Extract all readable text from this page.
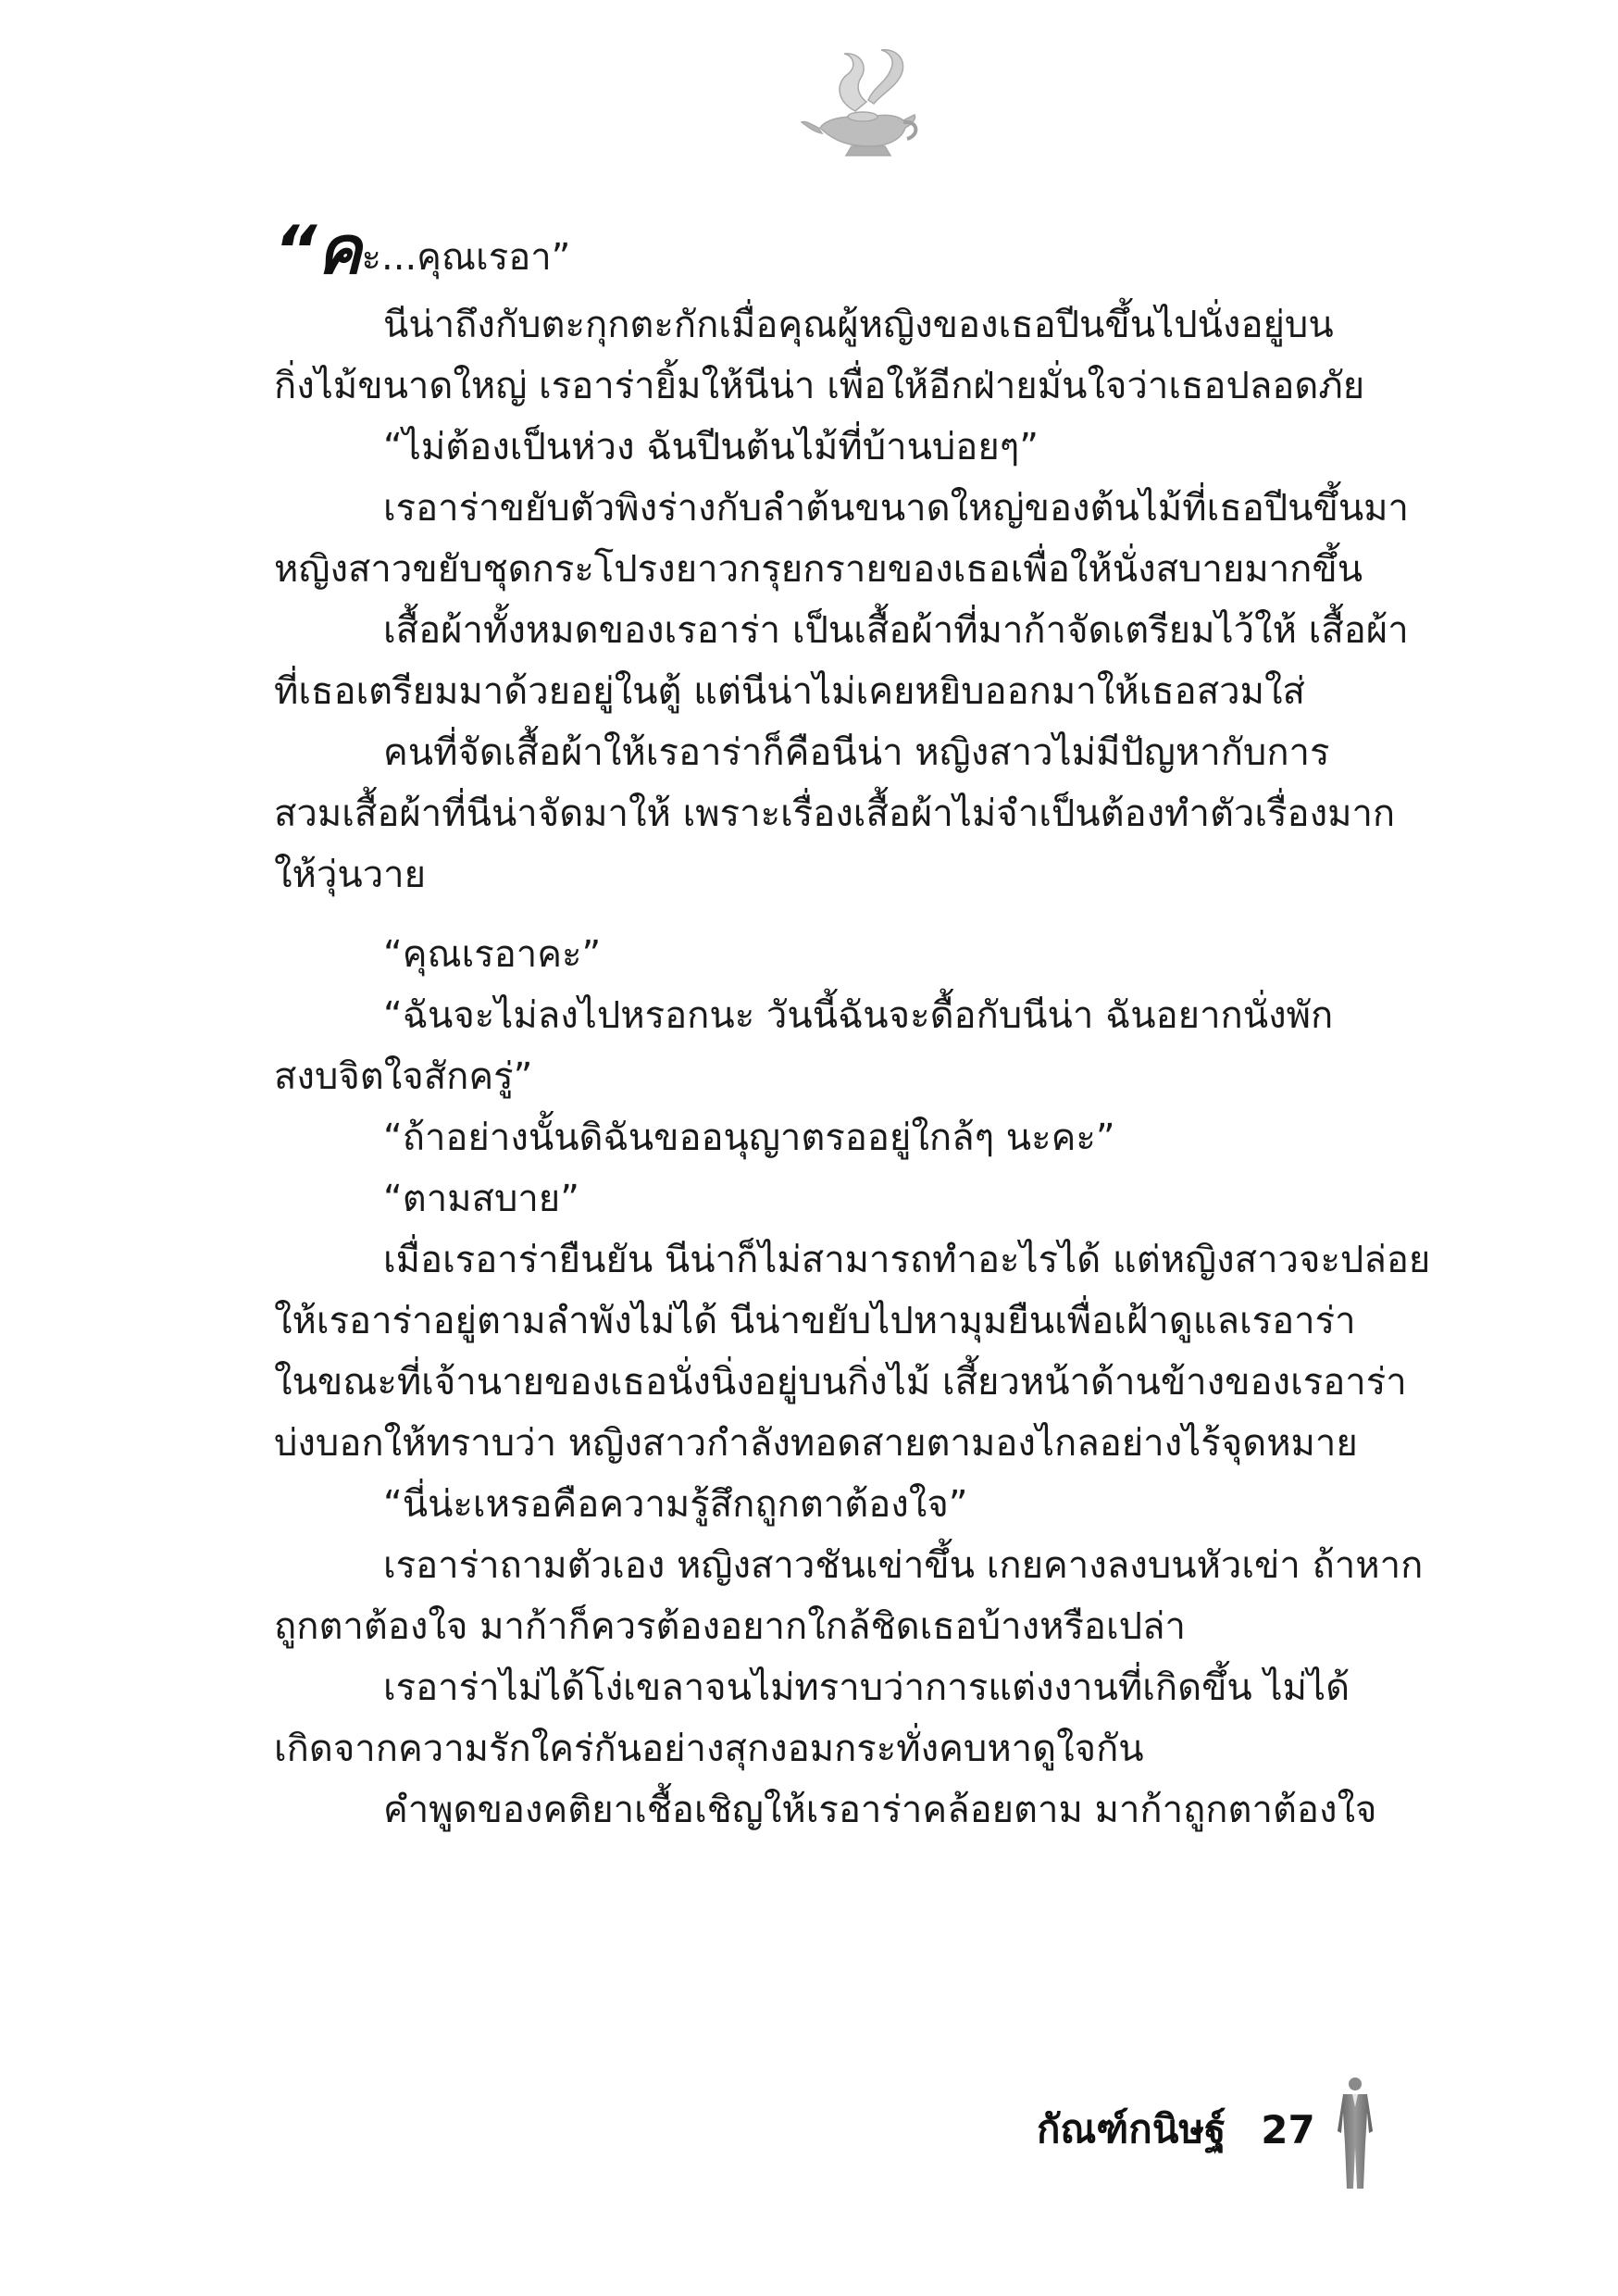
“คะ...คุณเรอา”

นีน่าถึงกับตะกุกตะกักเมื่อคุณผู้หญิงของเธอปีนขึ้นไปนั่งอยู่บน

กิ่งไม้ขนาดใหญ่ เรอาร่ายิ้มให้นีน่า เพื่อให้อีกฝ่ายมั่นใจว่าเธอปลอดภัย

“ไม่ต้องเป็นห่วง ฉันปีนต้นไม้ที่บ้านบ่อยๆ”

เรอาร่าขยับตัวพิงร่างกับลำต้นขนาดใหญ่ของต้นไม้ที่เธอปีนขึ้นมา

หญิงสาวขยับชุดกระโปรงยาวกรุยกรายของเธอเพื่อให้นั่งสบายมากขึ้น

เสื้อผ้าทั้งหมดของเรอาร่า เป็นเสื้อผ้าที่มาก้าจัดเตรียมไว้ให้ เสื้อผ้า

ที่เธอเตรียมมาด้วยอยู่ในตู้ แต่นีน่าไม่เคยหยิบออกมาให้เธอสวมใส่

คนที่จัดเสื้อผ้าให้เรอาร่าก็คือนีน่า หญิงสาวไม่มีปัญหากับการ

สวมเสื้อผ้าที่นีน่าจัดมาให้ เพราะเรื่องเสื้อผ้าไม่จำเป็นต้องทำตัวเรื่องมาก

ให้วุ่นวาย

“คุณเรอาคะ”

“ฉันจะไม่ลงไปหรอกนะ วันนี้ฉันจะดื้อกับนีน่า ฉันอยากนั่งพัก

สงบจิตใจสักครู่”

“ถ้าอย่างนั้นดิฉันขออนุญาตรออยู่ใกล้ๆ นะคะ”

“ตามสบาย”

เมื่อเรอาร่ายืนยัน นีน่าก็ไม่สามารถทำอะไรได้ แต่หญิงสาวจะปล่อย

ให้เรอาร่าอยู่ตามลำพังไม่ได้ นีน่าขยับไปหามุมยืนเพื่อเฝ้าดูแลเรอาร่า

ในขณะที่เจ้านายของเธอนั่งนิ่งอยู่บนกิ่งไม้ เสี้ยวหน้าด้านข้างของเรอาร่า

บ่งบอกให้ทราบว่า หญิงสาวกำลังทอดสายตามองไกลอย่างไร้จุดหมาย

“นี่น่ะเหรอคือความรู้สึกถูกตาต้องใจ”

เรอาร่าถามตัวเอง หญิงสาวชันเข่าขึ้น เกยคางลงบนหัวเข่า ถ้าหาก

ถูกตาต้องใจ มาก้าก็ควรต้องอยากใกล้ชิดเธอบ้างหรือเปล่า

เรอาร่าไม่ได้โง่เขลาจนไม่ทราบว่าการแต่งงานที่เกิดขึ้น ไม่ได้

เกิดจากความรักใคร่กันอย่างสุกงอมกระทั่งคบหาดูใจกัน

คำพูดของคติยาเชื้อเชิญให้เรอาร่าคล้อยตาม มาก้าถูกตาต้องใจ

กัณฑ์กนิษฐ์ 27
